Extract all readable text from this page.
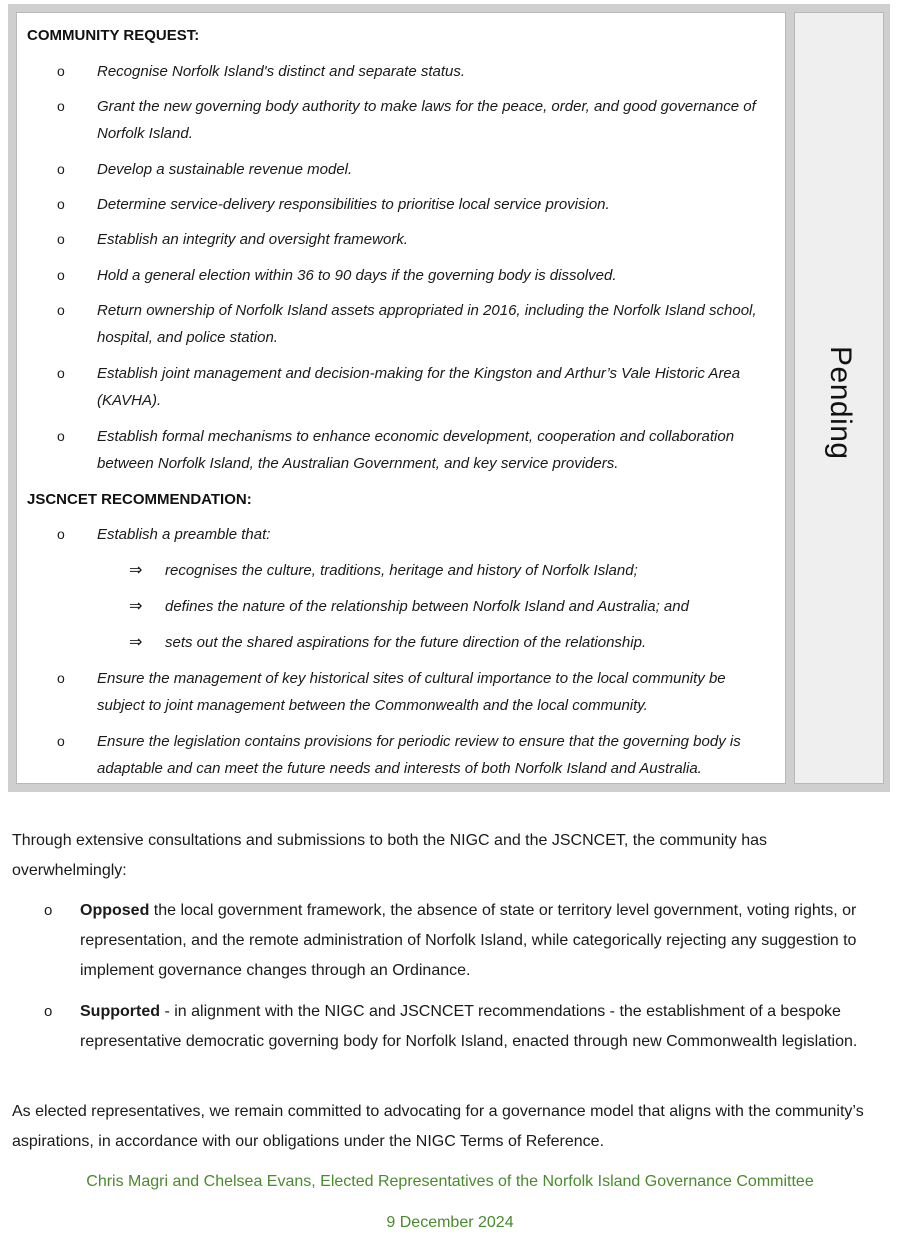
COMMUNITY REQUEST:
o Recognise Norfolk Island's distinct and separate status.
o Grant the new governing body authority to make laws for the peace, order, and good governance of Norfolk Island.
o Develop a sustainable revenue model.
o Determine service-delivery responsibilities to prioritise local service provision.
o Establish an integrity and oversight framework.
o Hold a general election within 36 to 90 days if the governing body is dissolved.
o Return ownership of Norfolk Island assets appropriated in 2016, including the Norfolk Island school, hospital, and police station.
o Establish joint management and decision-making for the Kingston and Arthur’s Vale Historic Area (KAVHA).
o Establish formal mechanisms to enhance economic development, cooperation and collaboration between Norfolk Island, the Australian Government, and key service providers.
JSCNCET RECOMMENDATION:
o Establish a preamble that:
⇒ recognises the culture, traditions, heritage and history of Norfolk Island;
⇒ defines the nature of the relationship between Norfolk Island and Australia; and
⇒ sets out the shared aspirations for the future direction of the relationship.
o Ensure the management of key historical sites of cultural importance to the local community be subject to joint management between the Commonwealth and the local community.
o Ensure the legislation contains provisions for periodic review to ensure that the governing body is adaptable and can meet the future needs and interests of both Norfolk Island and Australia.
Pending
Through extensive consultations and submissions to both the NIGC and the JSCNCET, the community has overwhelmingly:
o Opposed the local government framework, the absence of state or territory level government, voting rights, or representation, and the remote administration of Norfolk Island, while categorically rejecting any suggestion to implement governance changes through an Ordinance.
o Supported - in alignment with the NIGC and JSCNCET recommendations - the establishment of a bespoke representative democratic governing body for Norfolk Island, enacted through new Commonwealth legislation.
As elected representatives, we remain committed to advocating for a governance model that aligns with the community’s aspirations, in accordance with our obligations under the NIGC Terms of Reference.
Chris Magri and Chelsea Evans, Elected Representatives of the Norfolk Island Governance Committee
9 December 2024
